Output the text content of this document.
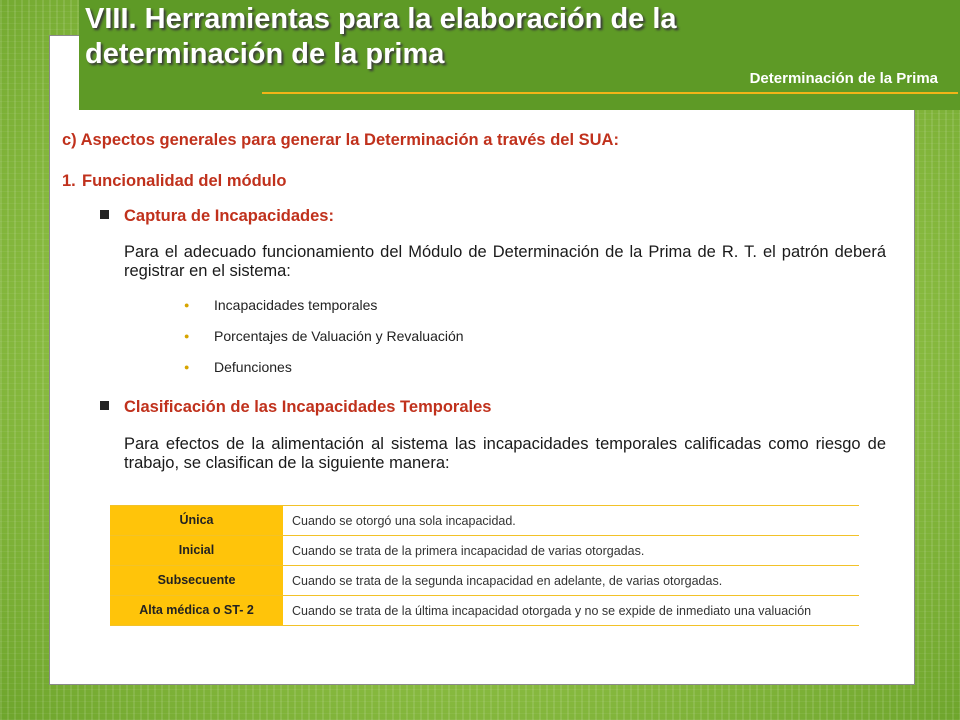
VIII. Herramientas para la elaboración de la determinación de la prima
Determinación de la Prima
c) Aspectos generales para generar la Determinación a través del SUA:
1. Funcionalidad del módulo
Captura de Incapacidades:
Para el adecuado funcionamiento del Módulo de Determinación de la Prima de R. T. el patrón deberá registrar en el sistema:
● Incapacidades temporales
● Porcentajes de Valuación y Revaluación
● Defunciones
Clasificación de las Incapacidades Temporales
Para efectos de la alimentación al sistema las incapacidades temporales calificadas como riesgo de trabajo, se clasifican de la siguiente manera:
Única	Cuando se otorgó una sola incapacidad.
Inicial	Cuando se trata de la primera incapacidad de varias otorgadas.
Subsecuente	Cuando se trata de la segunda incapacidad en adelante, de varias otorgadas.
Alta médica o ST- 2	Cuando se trata de la última incapacidad otorgada y no se expide de inmediato una valuación
